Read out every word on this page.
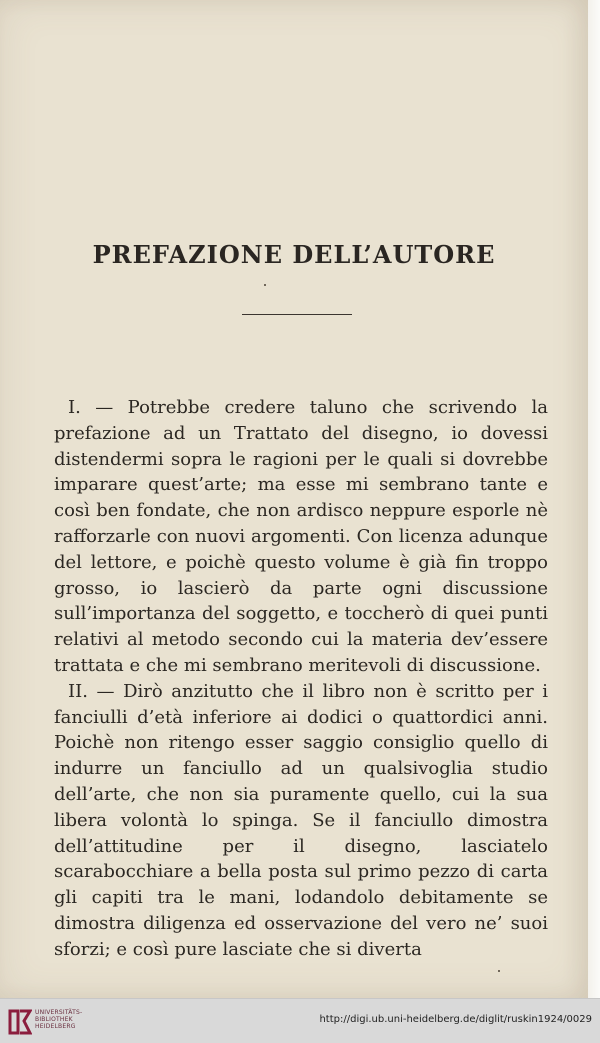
PREFAZIONE DELL’AUTORE

I. — Potrebbe credere taluno che scrivendo la prefazione ad un Trattato del disegno, io dovessi distendermi sopra le ragioni per le quali si dovrebbe imparare quest’arte; ma esse mi sembrano tante e così ben fondate, che non ardisco neppure esporle nè rafforzarle con nuovi argomenti. Con licenza adunque del lettore, e poichè questo volume è già fin troppo grosso, io lascierò da parte ogni discussione sull’importanza del soggetto, e toccherò di quei punti relativi al metodo secondo cui la materia dev’essere trattata e che mi sembrano meritevoli di discussione.

II. — Dirò anzitutto che il libro non è scritto per i fanciulli d’età inferiore ai dodici o quattordici anni. Poichè non ritengo esser saggio consiglio quello di indurre un fanciullo ad un qualsivoglia studio dell’arte, che non sia puramente quello, cui la sua libera volontà lo spinga. Se il fanciullo dimostra dell’attitudine per il disegno, lasciatelo scarabocchiare a bella posta sul primo pezzo di carta gli capiti tra le mani, lodandolo debitamente se dimostra diligenza ed osservazione del vero ne’ suoi sforzi; e così pure lasciate che si diverta

UNIVERSITÄTS-
BIBLIOTHEK
HEIDELBERG
http://digi.ub.uni-heidelberg.de/diglit/ruskin1924/0029
